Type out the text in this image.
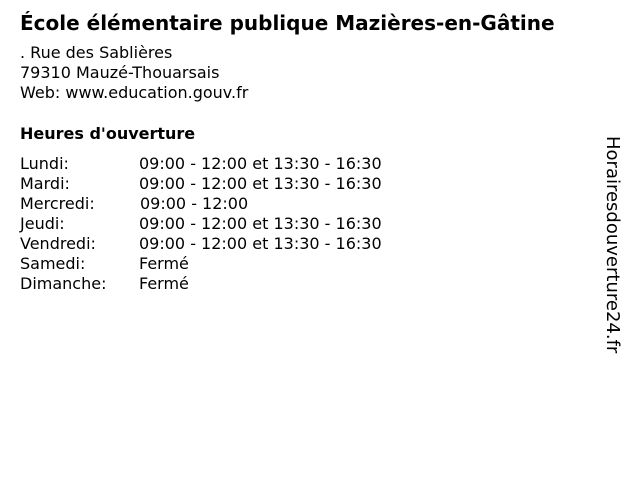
École élémentaire publique Mazières-en-Gâtine
. Rue des Sablières
79310 Mauzé-Thouarsais
Web: www.education.gouv.fr
Heures d'ouverture
Lundi:	09:00 - 12:00 et 13:30 - 16:30
Mardi:	09:00 - 12:00 et 13:30 - 16:30
Mercredi:	09:00 - 12:00
Jeudi:	09:00 - 12:00 et 13:30 - 16:30
Vendredi:	09:00 - 12:00 et 13:30 - 16:30
Samedi:	Fermé
Dimanche: Fermé	Horairesdouverture24.fr
